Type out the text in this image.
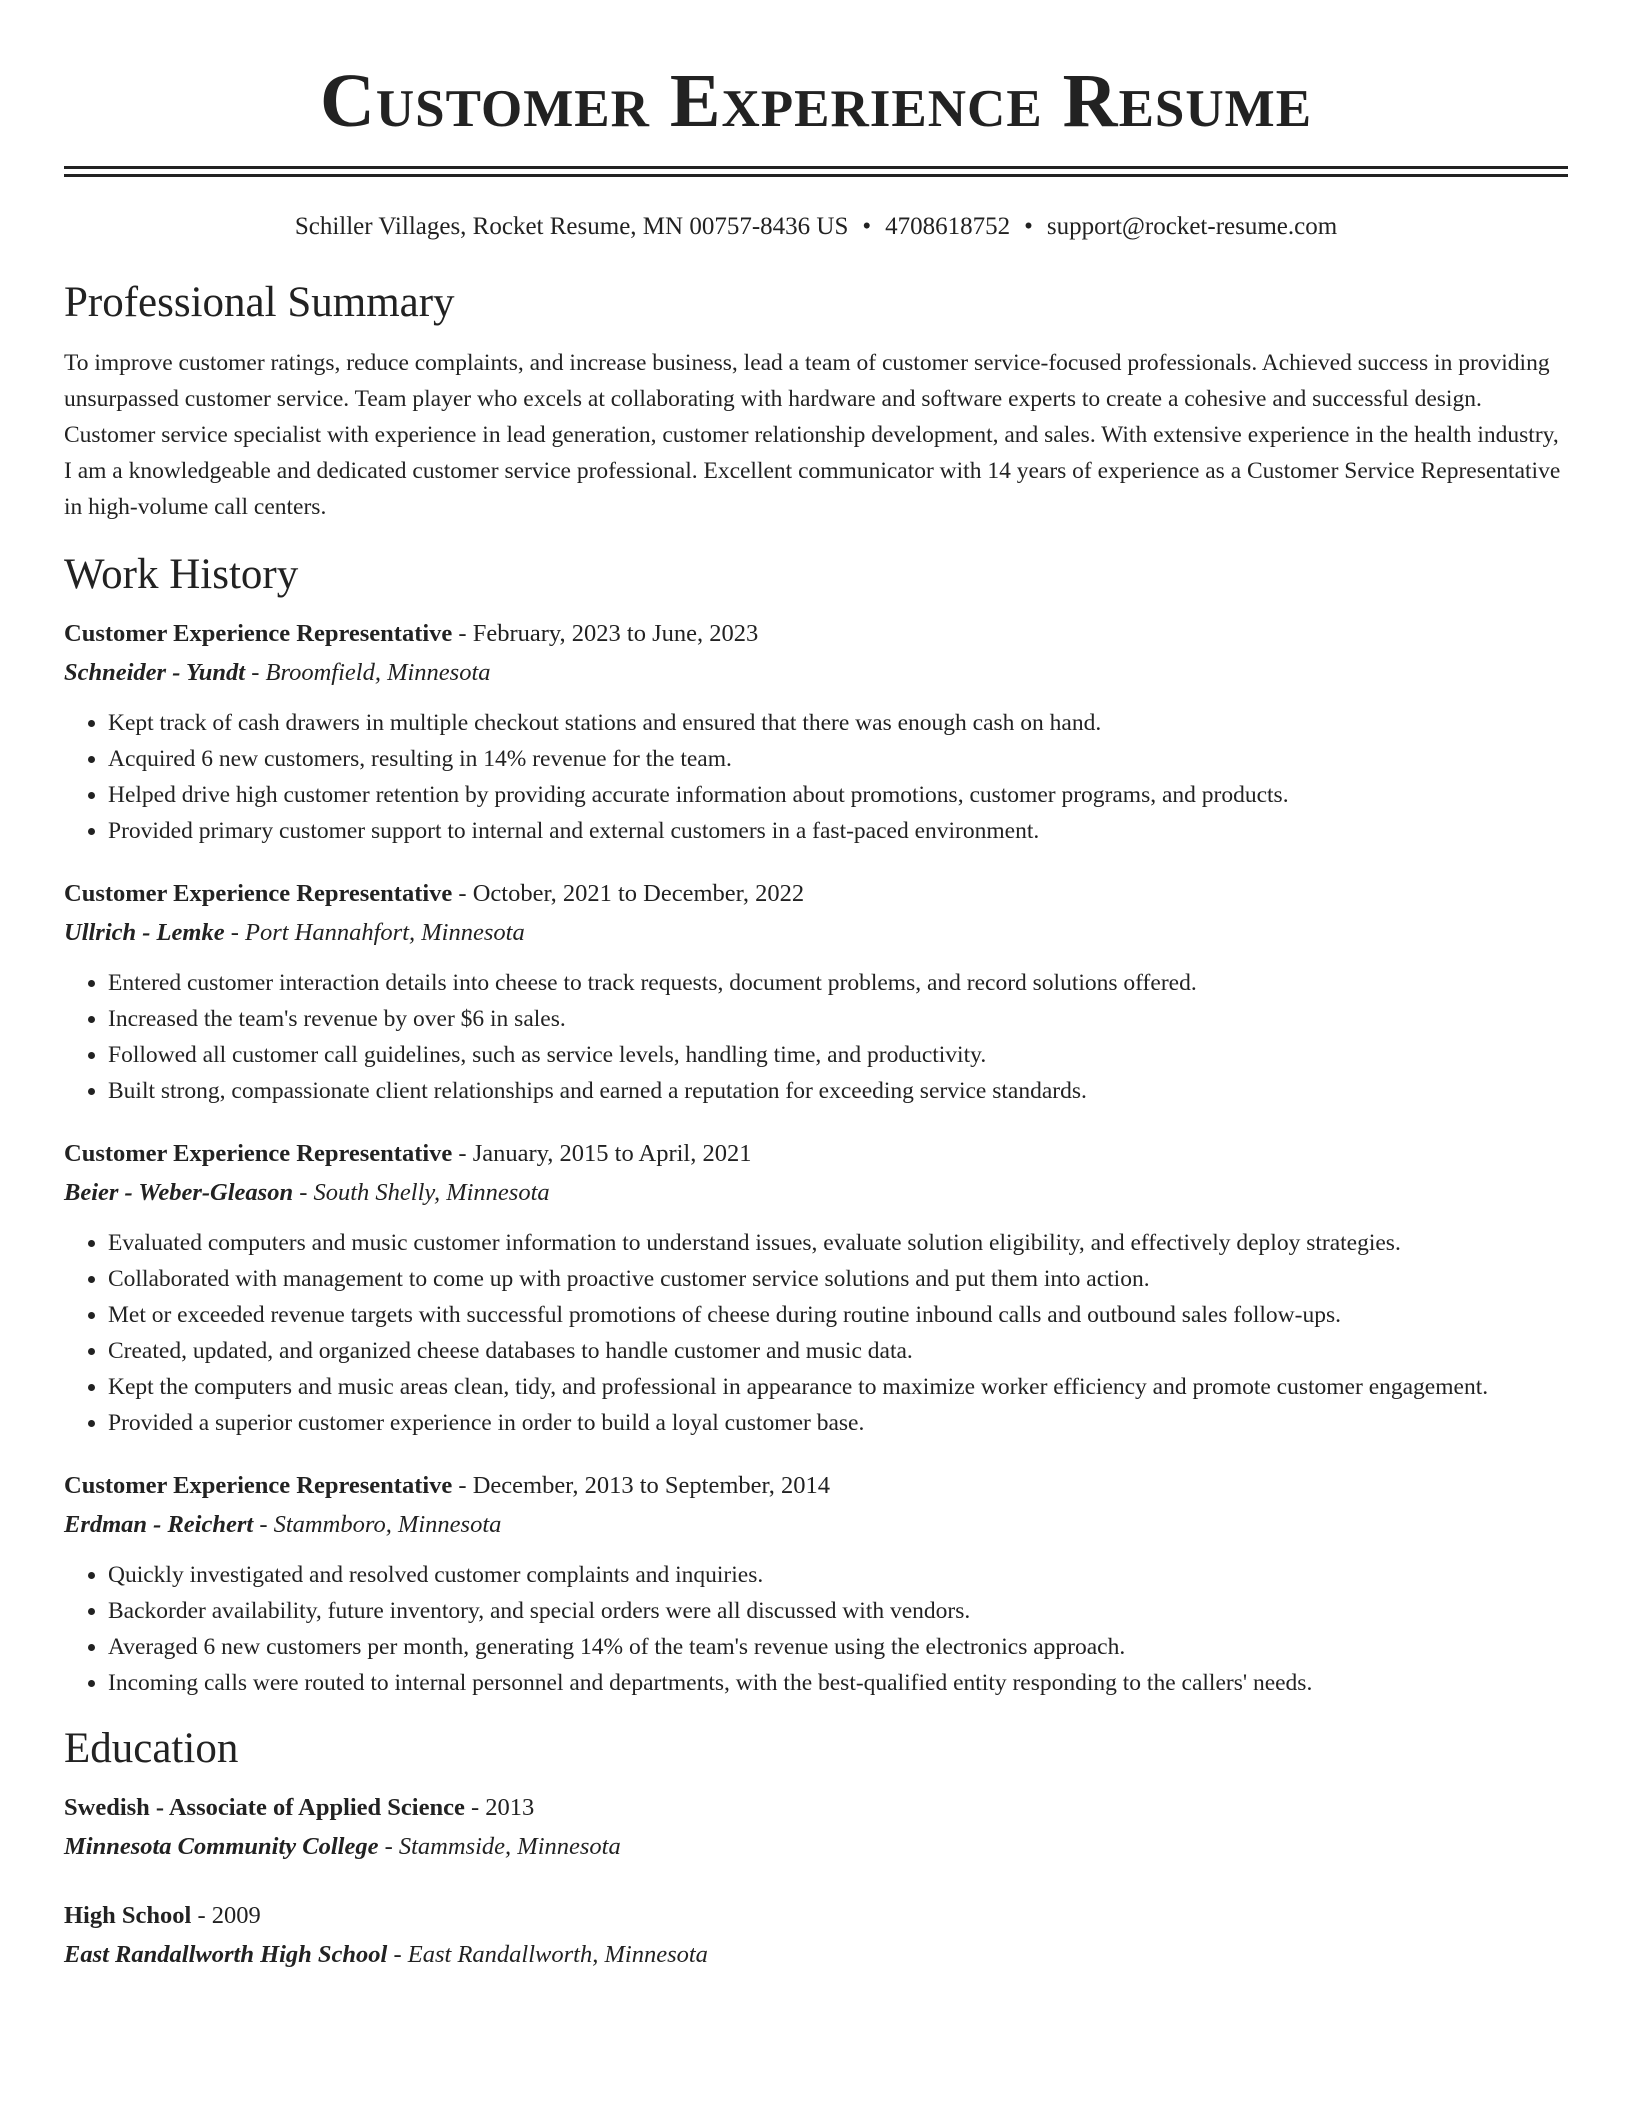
Customer Experience Resume
Schiller Villages, Rocket Resume, MN 00757-8436 US • 4708618752 • support@rocket-resume.com
Professional Summary
To improve customer ratings, reduce complaints, and increase business, lead a team of customer service-focused professionals. Achieved success in providing unsurpassed customer service. Team player who excels at collaborating with hardware and software experts to create a cohesive and successful design. Customer service specialist with experience in lead generation, customer relationship development, and sales. With extensive experience in the health industry, I am a knowledgeable and dedicated customer service professional. Excellent communicator with 14 years of experience as a Customer Service Representative in high-volume call centers.
Work History
Customer Experience Representative - February, 2023 to June, 2023
Schneider - Yundt - Broomfield, Minnesota
• Kept track of cash drawers in multiple checkout stations and ensured that there was enough cash on hand.
• Acquired 6 new customers, resulting in 14% revenue for the team.
• Helped drive high customer retention by providing accurate information about promotions, customer programs, and products.
• Provided primary customer support to internal and external customers in a fast-paced environment.
Customer Experience Representative - October, 2021 to December, 2022
Ullrich - Lemke - Port Hannahfort, Minnesota
• Entered customer interaction details into cheese to track requests, document problems, and record solutions offered.
• Increased the team's revenue by over $6 in sales.
• Followed all customer call guidelines, such as service levels, handling time, and productivity.
• Built strong, compassionate client relationships and earned a reputation for exceeding service standards.
Customer Experience Representative - January, 2015 to April, 2021
Beier - Weber-Gleason - South Shelly, Minnesota
• Evaluated computers and music customer information to understand issues, evaluate solution eligibility, and effectively deploy strategies.
• Collaborated with management to come up with proactive customer service solutions and put them into action.
• Met or exceeded revenue targets with successful promotions of cheese during routine inbound calls and outbound sales follow-ups.
• Created, updated, and organized cheese databases to handle customer and music data.
• Kept the computers and music areas clean, tidy, and professional in appearance to maximize worker efficiency and promote customer engagement.
• Provided a superior customer experience in order to build a loyal customer base.
Customer Experience Representative - December, 2013 to September, 2014
Erdman - Reichert - Stammboro, Minnesota
• Quickly investigated and resolved customer complaints and inquiries.
• Backorder availability, future inventory, and special orders were all discussed with vendors.
• Averaged 6 new customers per month, generating 14% of the team's revenue using the electronics approach.
• Incoming calls were routed to internal personnel and departments, with the best-qualified entity responding to the callers' needs.
Education
Swedish - Associate of Applied Science - 2013
Minnesota Community College - Stammside, Minnesota
High School - 2009
East Randallworth High School - East Randallworth, Minnesota
